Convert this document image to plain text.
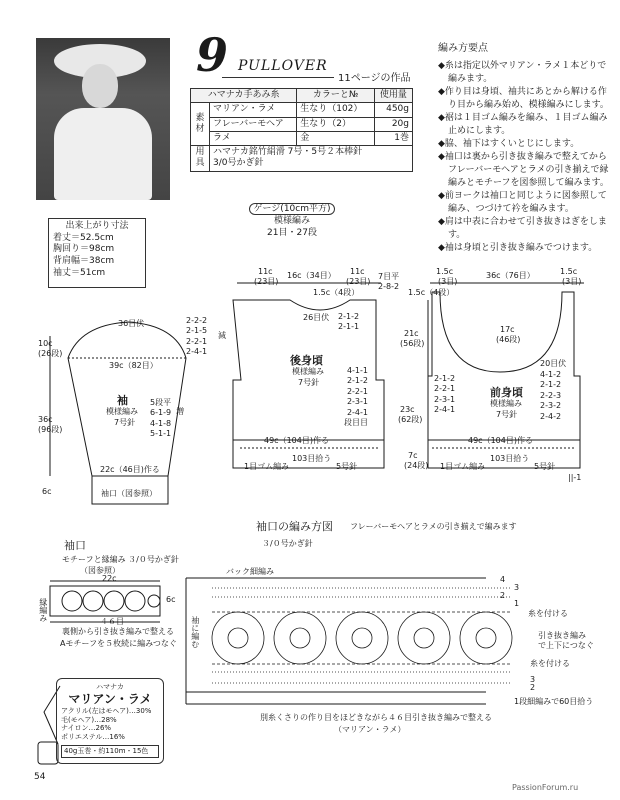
9 PULLOVER
11ページの作品
ハマナカ手あみ糸		カラーと№	使用量
素
材	マリアン・ラメ	生なり（102）	450g
	フレーバーモヘア	生なり（2）	20g
	ラメ	金	1巻
用 具	ハマナカ銘竹絹滑 7号・5号２本棒針
3/0号かぎ針		
ゲージ(10cm平方)
模様編み
21目・27段
出来上がり寸法
着丈＝52.5cm
胸回り＝98cm
背肩幅＝38cm
袖丈＝51cm
編み方要点
◆糸は指定以外マリアン・ラメ１本どりで編みます。
◆作り目は身頃、袖共にあとから解ける作り目から編み始め、模様編みにします。
◆裾は１目ゴム編みを編み、１目ゴム編み止めにします。
◆脇、袖下はすくいとじにします。
◆袖口は裏から引き抜き編みで整えてからフレーバーモヘアとラメの引き揃えで縁編みとモチーフを図参照して編みます。
◆前ヨークは袖口と同じように図参照して編み、つづけて衿を編みます。
◆肩は中表に合わせて引き抜きはぎをします。
◆袖は身頃と引き抜き編みでつけます。
36目伏
39c（82目）
10c
(26段)
36c
(96段)
6c
22c（46目)作る
袖
模様編み
7号針
袖口（図参照）
2-2-2
2-1-5
2-2-1
2-4-1
減
5段平
6-1-9
4-1-8
5-1-1
増
11c
(23目)
16c（34目） 11c
(23目)
7目平
2-8-2
1.5c（4段）
26目伏 2-1-2
2-1-1
後身頃
模様編み
7号針
4-1-1
2-1-2
2-2-1
2-3-1
2-4-1
段目目
23c
(62段)
49c（104目)作る
103目拾う
1目ゴム編み	5号針
1.5c
(3目)
36c（76目）	1.5c
(3目)
1.5c（4段）
21c
(56段)
17c
(46段)
20目伏
4-1-2
2-1-2
2-2-3
2-3-2
2-4-2
2-1-2
2-2-1
2-3-1
2-4-1
前身頃
模様編み
7号針
49c（104目)作る
103目拾う
1目ゴム編み	5号針
7c
(24段)
||-1
袖口
モチーフと縁編み ３/０号かぎ針
（図参照）
22c
４６目
6c
縁編み
裏側から引き抜き編みで整える
Aモチーフを５枚続に編みつなぐ
袖口の編み方図 フレーバーモヘアとラメの引き揃えで編みます
３/０号かぎ針
バック細編み
袖に編む
4
3
2
1
糸を付ける
引き抜き編み
で上下につなぐ
糸を付ける
3
2
1段細編みで60目拾う
別糸くさりの作り目をほどきながら４６目引き抜き編みで整える
（マリアン・ラメ）
ハマナカ
マリアン・ラメ
アクリル(左はモヘア)…30%
毛(モヘア)…28%
ナイロン…26%
ポリエステル…16%
40g玉巻・約110m・15色
54
PassionForum.ru
